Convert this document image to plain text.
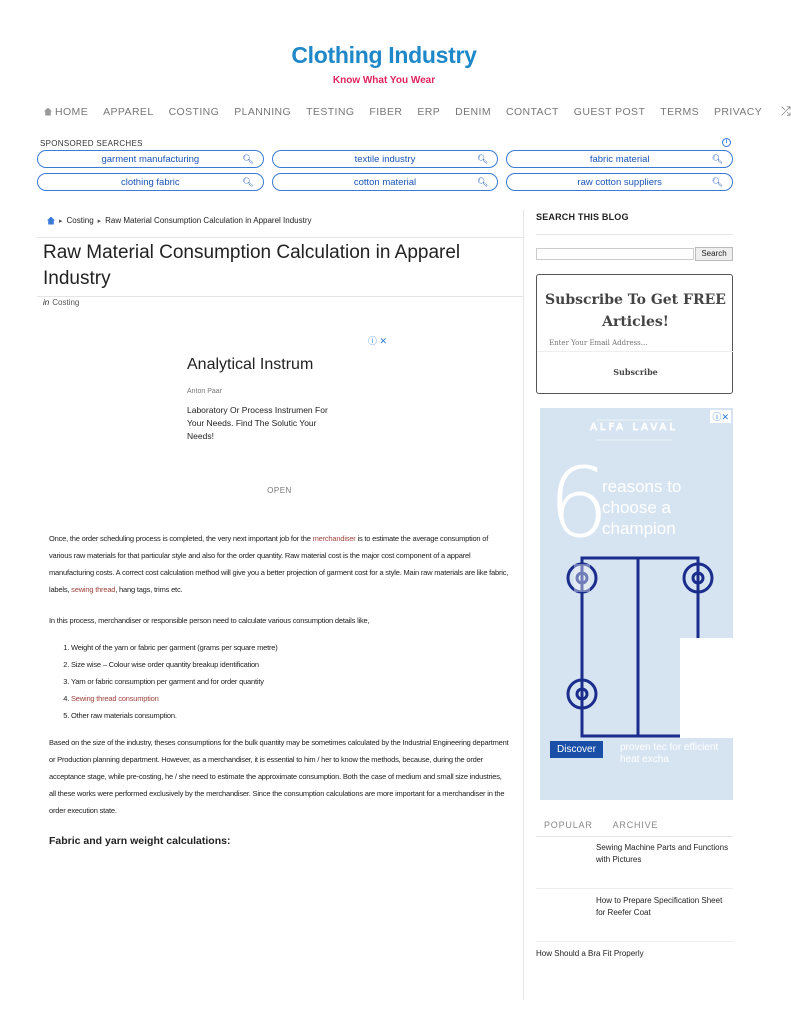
Clothing Industry
Know What You Wear
HOME APPAREL COSTING PLANNING TESTING FIBER ERP DENIM CONTACT GUEST POST TERMS PRIVACY ⤮
SPONSORED SEARCHES	i
garment manufacturing	🔍︎	textile industry	🔍︎	fabric material	🔍︎
clothing fabric	🔍︎	cotton material	🔍︎	raw cotton suppliers	🔍︎
▸ Costing ▸ Raw Material Consumption Calculation in Apparel Industry
Raw Material Consumption Calculation in Apparel Industry
in Costing
ⓘ ✕
Analytical Instrum
Anton Paar
Laboratory Or Process Instrumen For Your Needs. Find The Solutic Your Needs!
OPEN

Once, the order scheduling process is completed, the very next important job for the merchandiser is to estimate the average consumption of various raw materials for that particular style and also for the order quantity. Raw material cost is the major cost component of a apparel manufacturing costs. A correct cost calculation method will give you a better projection of garment cost for a style. Main raw materials are like fabric, labels, sewing thread, hang tags, trims etc.

In this process, merchandiser or responsible person need to calculate various consumption details like,

1. Weight of the yarn or fabric per garment (grams per square metre)
2. Size wise – Colour wise order quantity breakup identification
3. Yarn or fabric consumption per garment and for order quantity
4. Sewing thread consumption
5. Other raw materials consumption.

Based on the size of the industry, theses consumptions for the bulk quantity may be sometimes calculated by the Industrial Engineering department or Production planning department. However, as a merchandiser, it is essential to him / her to know the methods, because, during the order acceptance stage, while pre-costing, he / she need to estimate the approximate consumption. Both the case of medium and small size industries, all these works were performed exclusively by the merchandiser. Since the consumption calculations are more important for a merchandiser in the order execution state.

Fabric and yarn weight calculations:
SEARCH THIS BLOG
Search
Subscribe To Get FREE Articles!
Enter Your Email Address...
Subscribe
ⓘ✕
ALFA LAVAL
6
reasons to choose a champion
Discover	proven tec for efficient heat excha
POPULAR ARCHIVE
Sewing Machine Parts and Functions with Pictures
How to Prepare Specification Sheet for Reefer Coat
How Should a Bra Fit Properly
